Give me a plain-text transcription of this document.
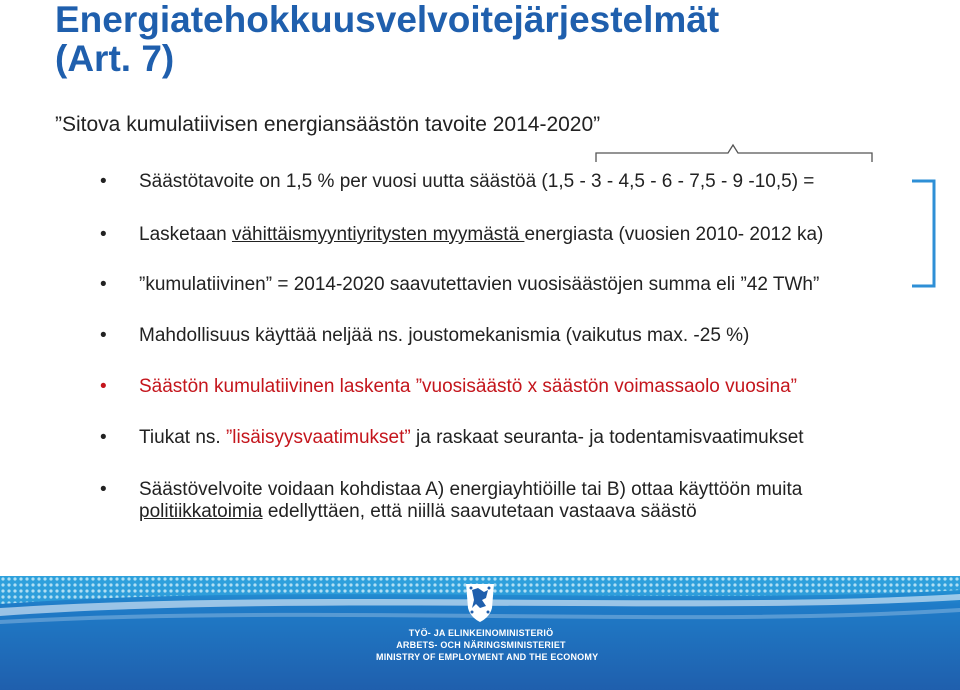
Energiatehokkuusvelvoitejärjestelmät
(Art. 7)
”Sitova kumulatiivisen energiansäästön tavoite 2014-2020”
•	Säästötavoite on 1,5 % per vuosi uutta säästöä (1,5 - 3 - 4,5 - 6 - 7,5 - 9 -10,5) =
•	Lasketaan vähittäismyyntiyritysten myymästä energiasta (vuosien 2010- 2012 ka)
•	”kumulatiivinen” = 2014-2020 saavutettavien vuosisäästöjen summa eli ”42 TWh”
•	Mahdollisuus käyttää neljää ns. joustomekanismia (vaikutus max. -25 %)
•	Säästön kumulatiivinen laskenta ”vuosisäästö x säästön voimassaolo vuosina”
•	Tiukat ns. ”lisäisyysvaatimukset” ja raskaat seuranta- ja todentamisvaatimukset
•	Säästövelvoite voidaan kohdistaa A) energiayhtiöille tai B) ottaa käyttöön muita
politiikkatoimia edellyttäen, että niillä saavutetaan vastaava säästö
TYÖ- JA ELINKEINOMINISTERIÖ
ARBETS- OCH NÄRINGSMINISTERIET
MINISTRY OF EMPLOYMENT AND THE ECONOMY
